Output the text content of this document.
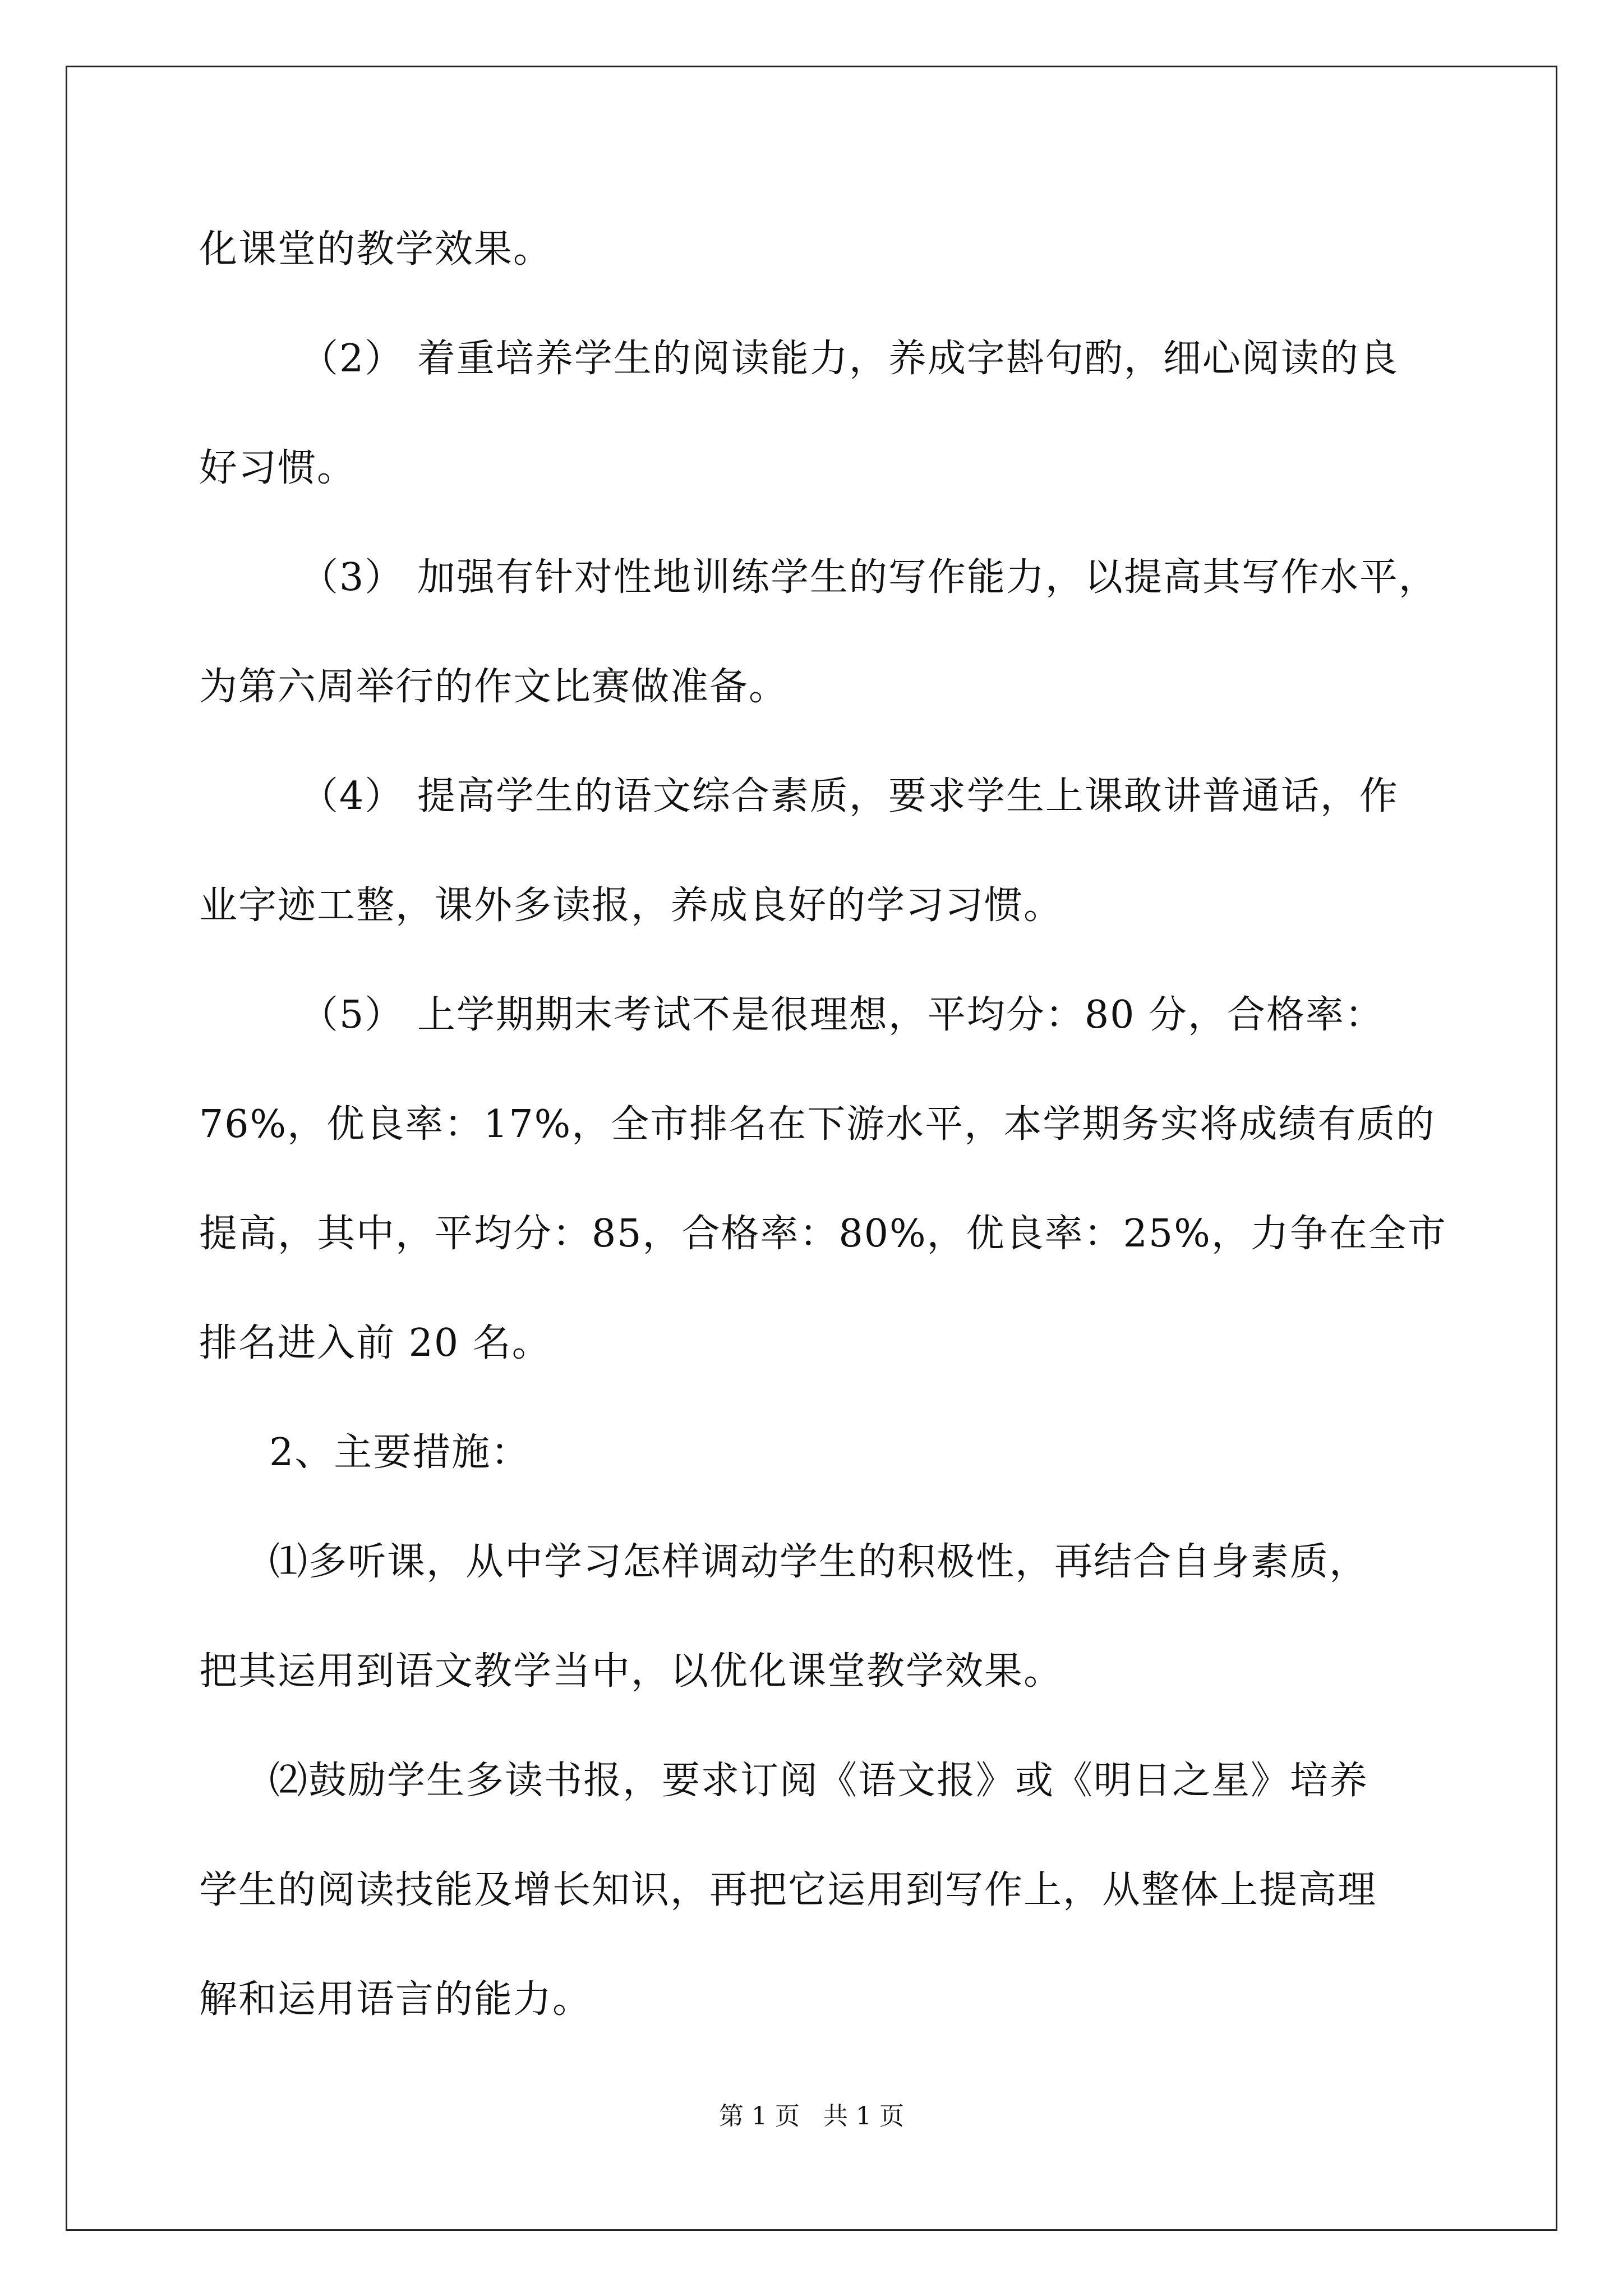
化课堂的教学效果。
（2） 着重培养学生的阅读能力，养成字斟句酌，细心阅读的良
好习惯。
（3） 加强有针对性地训练学生的写作能力，以提高其写作水平，
为第六周举行的作文比赛做准备。
（4） 提高学生的语文综合素质，要求学生上课敢讲普通话，作
业字迹工整，课外多读报，养成良好的学习习惯。
（5） 上学期期末考试不是很理想，平均分：80 分，合格率：
76%，优良率：17%，全市排名在下游水平，本学期务实将成绩有质的
提高，其中，平均分：85，合格率：80%，优良率：25%，力争在全市
排名进入前 20 名。
2、主要措施：
⑴多听课，从中学习怎样调动学生的积极性，再结合自身素质，
把其运用到语文教学当中，以优化课堂教学效果。
⑵鼓励学生多读书报，要求订阅《语文报》或《明日之星》培养
学生的阅读技能及增长知识，再把它运用到写作上，从整体上提高理
解和运用语言的能力。
第 1 页   共 1 页
